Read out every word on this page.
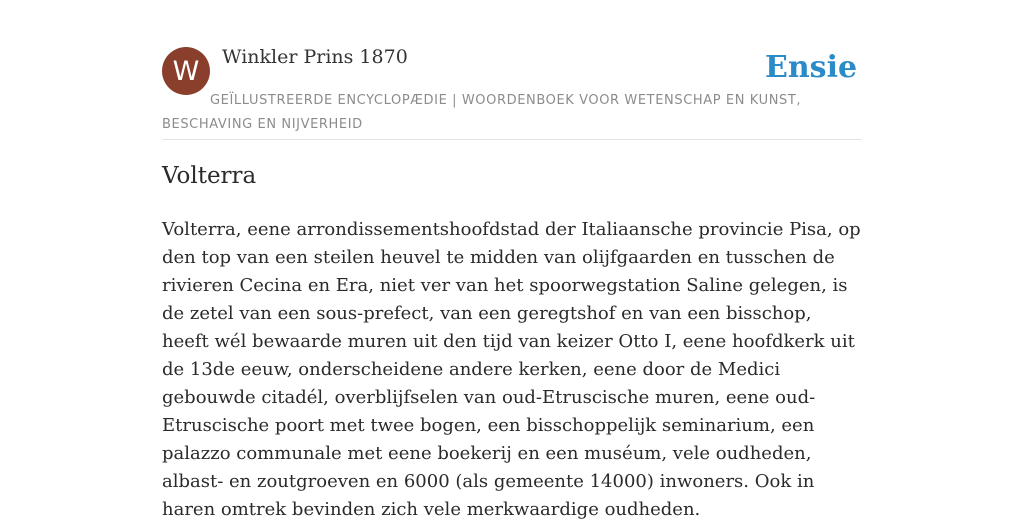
W Winkler Prins 1870
GEÏLLUSTREERDE ENCYCLOPÆDIE | WOORDENBOEK VOOR WETENSCHAP EN KUNST, BESCHAVING EN NIJVERHEID
Ensie
Volterra

Volterra, eene arrondissementshoofdstad der Italiaansche provincie Pisa, op den top van een steilen heuvel te midden van olijfgaarden en tusschen de rivieren Cecina en Era, niet ver van het spoorwegstation Saline gelegen, is de zetel van een sous-prefect, van een geregtshof en van een bisschop, heeft wél bewaarde muren uit den tijd van keizer Otto I, eene hoofdkerk uit de 13de eeuw, onderscheidene andere kerken, eene door de Medici gebouwde citadél, overblijfselen van oud-Etruscische muren, eene oud-Etruscische poort met twee bogen, een bisschoppelijk seminarium, een palazzo communale met eene boekerij en een muséum, vele oudheden, albast- en zoutgroeven en 6000 (als gemeente 14000) inwoners. Ook in haren omtrek bevinden zich vele merkwaardige oudheden.
